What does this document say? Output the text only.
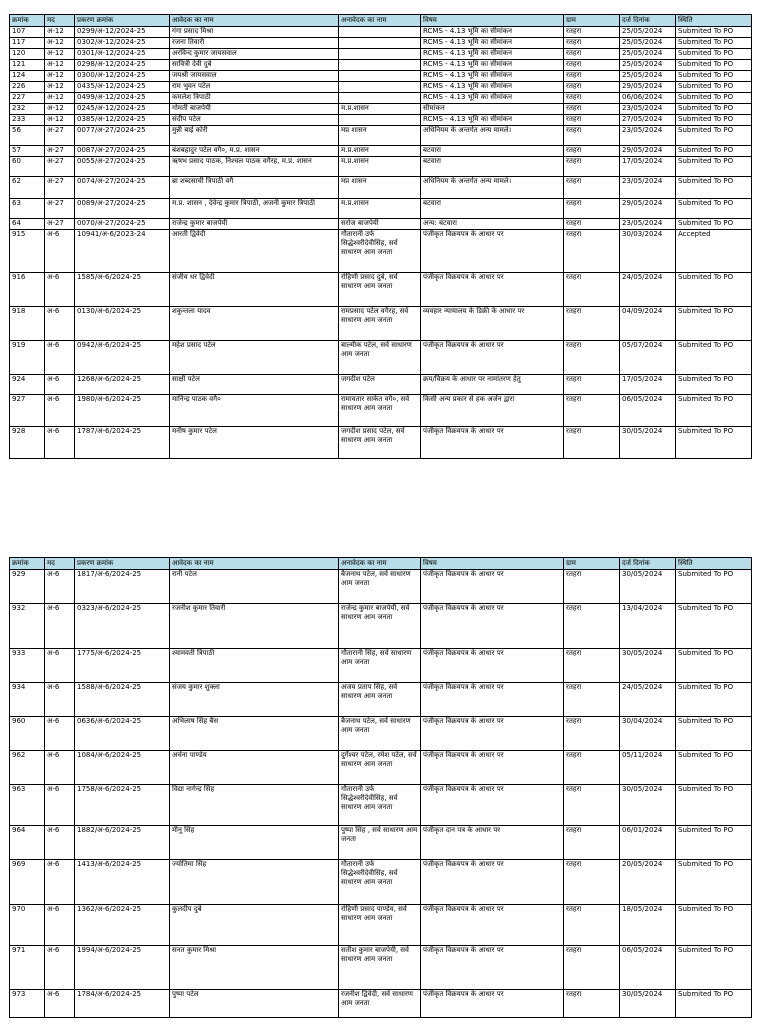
क्रमांक	मद	प्रकरण क्रमांक	आवेदक का नाम	अनावेदक का नाम	विषय	ग्राम	दर्ज दिनांक	स्थिति
107	अ-12	0299/अ-12/2024-25	गंगा प्रसाद मिश्रा		RCMS - 4.13 भूमि का सीमांकन	रतहरा	25/05/2024	Submited To PO
117	अ-12	0302/अ-12/2024-25	रजना तिवारी		RCMS - 4.13 भूमि का सीमांकन	रतहरा	25/05/2024	Submited To PO
120	अ-12	0301/अ-12/2024-25	अरविन्द कुमार जायसवाल		RCMS - 4.13 भूमि का सीमांकन	रतहरा	25/05/2024	Submited To PO
121	अ-12	0298/अ-12/2024-25	सावित्री देवी दुबे		RCMS - 4.13 भूमि का सीमांकन	रतहरा	25/05/2024	Submited To PO
124	अ-12	0300/अ-12/2024-25	जयश्री जायसवाल		RCMS - 4.13 भूमि का सीमांकन	रतहरा	25/05/2024	Submited To PO
226	अ-12	0435/अ-12/2024-25	राम भुवन पटेल		RCMS - 4.13 भूमि का सीमांकन	रतहरा	29/05/2024	Submited To PO
227	अ-12	0499/अ-12/2024-25	कमलेश त्रिपाठी		RCMS - 4.13 भूमि का सीमांकन	रतहरा	06/06/2024	Submited To PO
232	अ-12	0245/अ-12/2024-25	गोमती बाजपेयी	म.प्र.शासन	सीमांकन	रतहरा	23/05/2024	Submited To PO
233	अ-12	0385/अ-12/2024-25	संदीप पटेल		RCMS - 4.13 भूमि का सीमांकन	रतहरा	27/05/2024	Submited To PO
56	अ-27	0077/अ-27/2024-25	मुन्नी बाई कोरी	मप्र शासन	अधिनियम के अन्तर्गत अन्य मामले।	रतहरा	23/05/2024	Submited To PO
57	अ-27	0087/अ-27/2024-25	बंशबहादुर पटेल वगै०, म.प्र. शासन	म.प्र.शासन	बटवारा	रतहरा	29/05/2024	Submited To PO
60	अ-27	0055/अ-27/2024-25	ऋषभ प्रसाद पाठक, निश्चल पाठक वगैरह, म.प्र. शासन	म.प्र.शासन	बटवारा	रतहरा	17/05/2024	Submited To PO
62	अ-27	0074/अ-27/2024-25	ब्रा शब्दसाची त्रिपाठी वगै	मप्र शासन	अधिनियम के अन्तर्गत अन्य मामले।	रतहरा	23/05/2024	Submited To PO
63	अ-27	0089/अ-27/2024-25	म.प्र. शासन , देवेन्द्र कुमार त्रिपाठी, अजनी कुमार त्रिपाठी	म.प्र.शासन	बटवारा	रतहरा	29/05/2024	Submited To PO
64	अ-27	0070/अ-27/2024-25	राजेन्द्र कुमार बाजपेयी	सरोज बाजपेयी	अन्य: बंटवारा	रतहरा	23/05/2024	Submited To PO
915	अ-6	10941/अ-6/2023-24	आरती द्विवेदी	गौतारानी उर्फ सिद्धेश्वरीदेवीसिंह, सर्व साधारण आम जनता	पंजीकृत विक्रयपत्र के आधार पर	रतहरा	30/03/2024	Accepted
916	अ-6	1585/अ-6/2024-25	संजीव धर द्विवेदी	रोहिणी प्रसाद दुबे, सर्व साधारण आम जनता	पंजीकृत विक्रयपत्र के आधार पर	रतहरा	24/05/2024	Submited To PO
918	अ-6	0130/अ-6/2024-25	शकुन्तला यादव	रामप्रसाद पटेल वगैरह, सर्व साधारण आम जनता	व्यवहार न्यायालय के डिक्री के आधार पर	रतहरा	04/09/2024	Submited To PO
919	अ-6	0942/अ-6/2024-25	महेश प्रसाद पटेल	बाल्मीक पटेल, सर्व साधारण आम जनता	पंजीकृत विक्रयपत्र के आधार पर	रतहरा	05/07/2024	Submited To PO
924	अ-6	1268/अ-6/2024-25	साक्षी पटेल	जगदीश पटेल	क्रय/विक्रय के आधार पर नामांतरण हेतु	रतहरा	17/05/2024	Submited To PO
927	अ-6	1980/अ-6/2024-25	मानिन्द्र पाठक वगै०	रामावतार साकेत वगै०, सर्व साधारण आम जनता	किसी अन्य प्रकार से हक अर्जन द्वारा	रतहरा	06/05/2024	Submited To PO
928	अ-6	1787/अ-6/2024-25	मनीष कुमार पटेल	जगदीश प्रसाद पटेल, सर्व साधारण आम जनता	पंजीकृत विक्रयपत्र के आधार पर	रतहरा	30/05/2024	Submited To PO
क्रमांक	मद	प्रकरण क्रमांक	आवेदक का नाम	अनावेदक का नाम	विषय	ग्राम	दर्ज दिनांक	स्थिति
929	अ-6	1817/अ-6/2024-25	रानी पटेल	बैजनाथ पटेल, सर्व साधारण आम जनता	पंजीकृत विक्रयपत्र के आधार पर	रतहरा	30/05/2024	Submited To PO
932	अ-6	0323/अ-6/2024-25	रजनीश कुमार तिवारी	राजेन्द्र कुमार बाजपेयी, सर्व साधारण आम जनता	पंजीकृत विक्रयपत्र के आधार पर	रतहरा	13/04/2024	Submited To PO
933	अ-6	1775/अ-6/2024-25	श्यामवती त्रिपाठी	गौतारानी सिंह, सर्व साधारण आम जनता	पंजीकृत विक्रयपत्र के आधार पर	रतहरा	30/05/2024	Submited To PO
934	अ-6	1588/अ-6/2024-25	संजय कुमार शुक्ला	अजय प्रताप सिंह, सर्व साधारण आम जनता	पंजीकृत विक्रयपत्र के आधार पर	रतहरा	24/05/2024	Submited To PO
960	अ-6	0636/अ-6/2024-25	अभिलाष सिंह बैस	बैजनाथ पटेल, सर्व साधारण आम जनता	पंजीकृत विक्रयपत्र के आधार पर	रतहरा	30/04/2024	Submited To PO
962	अ-6	1084/अ-6/2024-25	अर्चना पाण्डेय	दुर्गेश्वर पटेल, रमेश पटेल, सर्व साधारण आम जनता	पंजीकृत विक्रयपत्र के आधार पर	रतहरा	05/11/2024	Submited To PO
963	अ-6	1758/अ-6/2024-25	विद्या नागेन्द्र सिंह	गौतारानी उर्फ सिद्धेश्वरीदेवीसिंह, सर्व साधारण आम जनता	पंजीकृत विक्रयपत्र के आधार पर	रतहरा	30/05/2024	Submited To PO
964	अ-6	1882/अ-6/2024-25	मीनू सिंह	पुष्पा सिंह , सर्व साधारण आम जनता	पंजीकृत दान पत्र के आधार पर	रतहरा	06/01/2024	Submited To PO
969	अ-6	1413/अ-6/2024-25	ज्योतिमा सिंह	गौतारानी उर्फ सिद्धेश्वरीदेवीसिंह, सर्व साधारण आम जनता	पंजीकृत विक्रयपत्र के आधार पर	रतहरा	20/05/2024	Submited To PO
970	अ-6	1362/अ-6/2024-25	कुलदीप दुबे	रोहिणी प्रसाद पाण्डेय, सर्व साधारण आम जनता	पंजीकृत विक्रयपत्र के आधार पर	रतहरा	18/05/2024	Submited To PO
971	अ-6	1994/अ-6/2024-25	सनत कुमार मिश्रा	सतीश कुमार बाजपेयी, सर्व साधारण आम जनता	पंजीकृत विक्रयपत्र के आधार पर	रतहरा	06/05/2024	Submited To PO
973	अ-6	1784/अ-6/2024-25	पुष्पा पटेल	रजनीश द्विवेदी, सर्व साधारण आम जनता	पंजीकृत विक्रयपत्र के आधार पर	रतहरा	30/05/2024	Submited To PO
